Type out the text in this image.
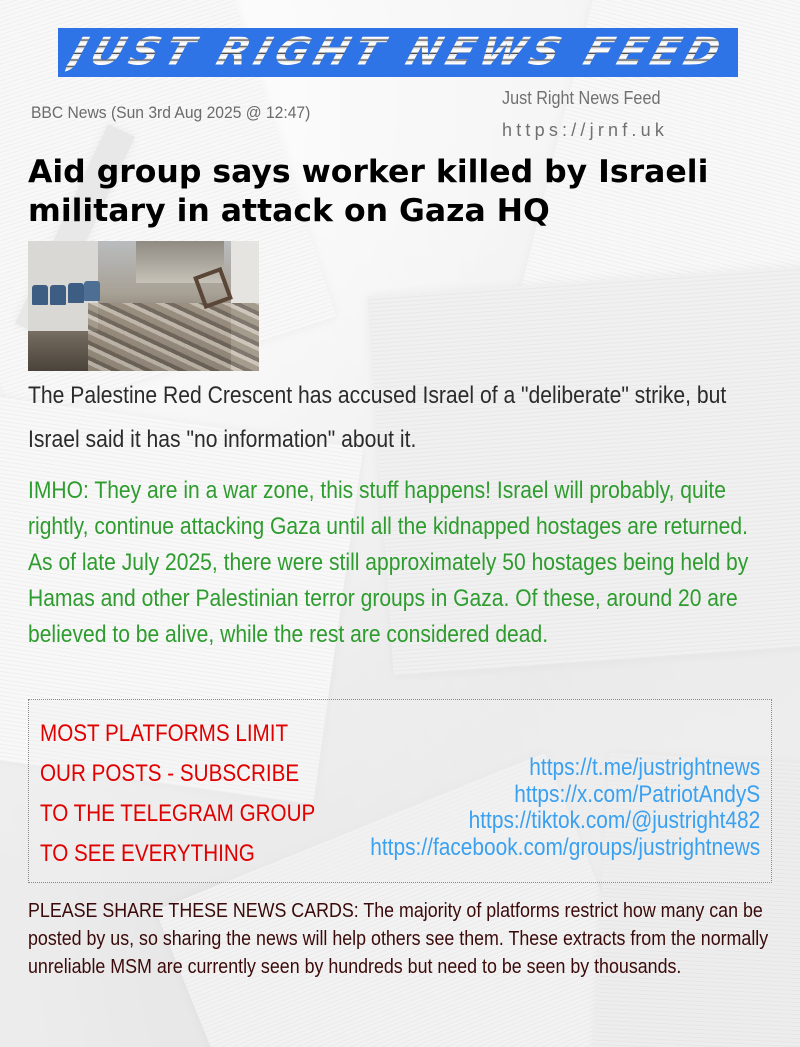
JUST RIGHT NEWS FEED
BBC News (Sun 3rd Aug 2025 @ 12:47)
Just Right News Feed
https://jrnf.uk
Aid group says worker killed by Israeli military in attack on Gaza HQ

The Palestine Red Crescent has accused Israel of a "deliberate" strike, but Israel said it has "no information" about it.

IMHO: They are in a war zone, this stuff happens! Israel will probably, quite rightly, continue attacking Gaza until all the kidnapped hostages are returned. As of late July 2025, there were still approximately 50 hostages being held by Hamas and other Palestinian terror groups in Gaza. Of these, around 20 are believed to be alive, while the rest are considered dead.

MOST PLATFORMS LIMIT
OUR POSTS - SUBSCRIBE
TO THE TELEGRAM GROUP
TO SEE EVERYTHING
https://t.me/justrightnews
https://x.com/PatriotAndyS
https://tiktok.com/@justright482
https://facebook.com/groups/justrightnews

PLEASE SHARE THESE NEWS CARDS: The majority of platforms restrict how many can be posted by us, so sharing the news will help others see them. These extracts from the normally unreliable MSM are currently seen by hundreds but need to be seen by thousands.
